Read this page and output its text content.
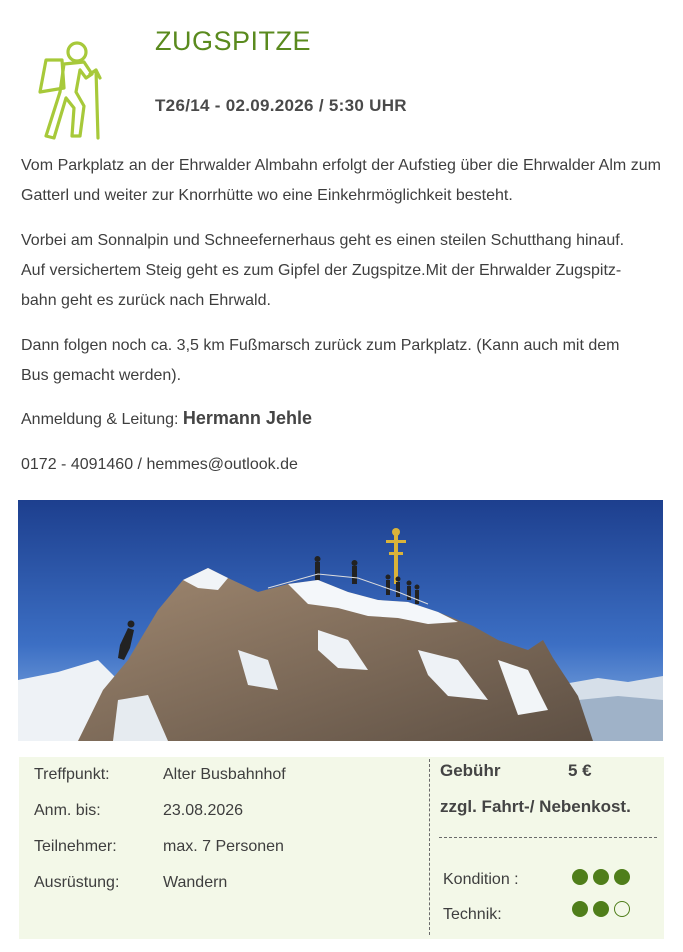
ZUGSPITZE
T26/14 - 02.09.2026 / 5:30 UHR

Vom Parkplatz an der Ehrwalder Almbahn erfolgt der Aufstieg über die Ehrwalder Alm zum Gatterl und weiter zur Knorrhütte wo eine Einkehrmöglichkeit besteht.

Vorbei am Sonnalpin und Schneefernerhaus geht es einen steilen Schutthang hinauf.
Auf versichertem Steig geht es zum Gipfel der Zugspitze.Mit der Ehrwalder Zugspitz-
bahn geht es zurück nach Ehrwald.

Dann folgen noch ca. 3,5 km Fußmarsch zurück zum Parkplatz. (Kann auch mit dem
Bus gemacht werden).

Anmeldung & Leitung: Hermann Jehle
0172 - 4091460 / hemmes@outlook.de
Treffpunkt:	Alter Busbahnhof
Anm. bis:	23.08.2026
Teilnehmer:	max. 7 Personen
Ausrüstung:	Wandern
Gebühr	5 €
zzgl. Fahrt-/ Nebenkost.
Kondition :
Technik:
